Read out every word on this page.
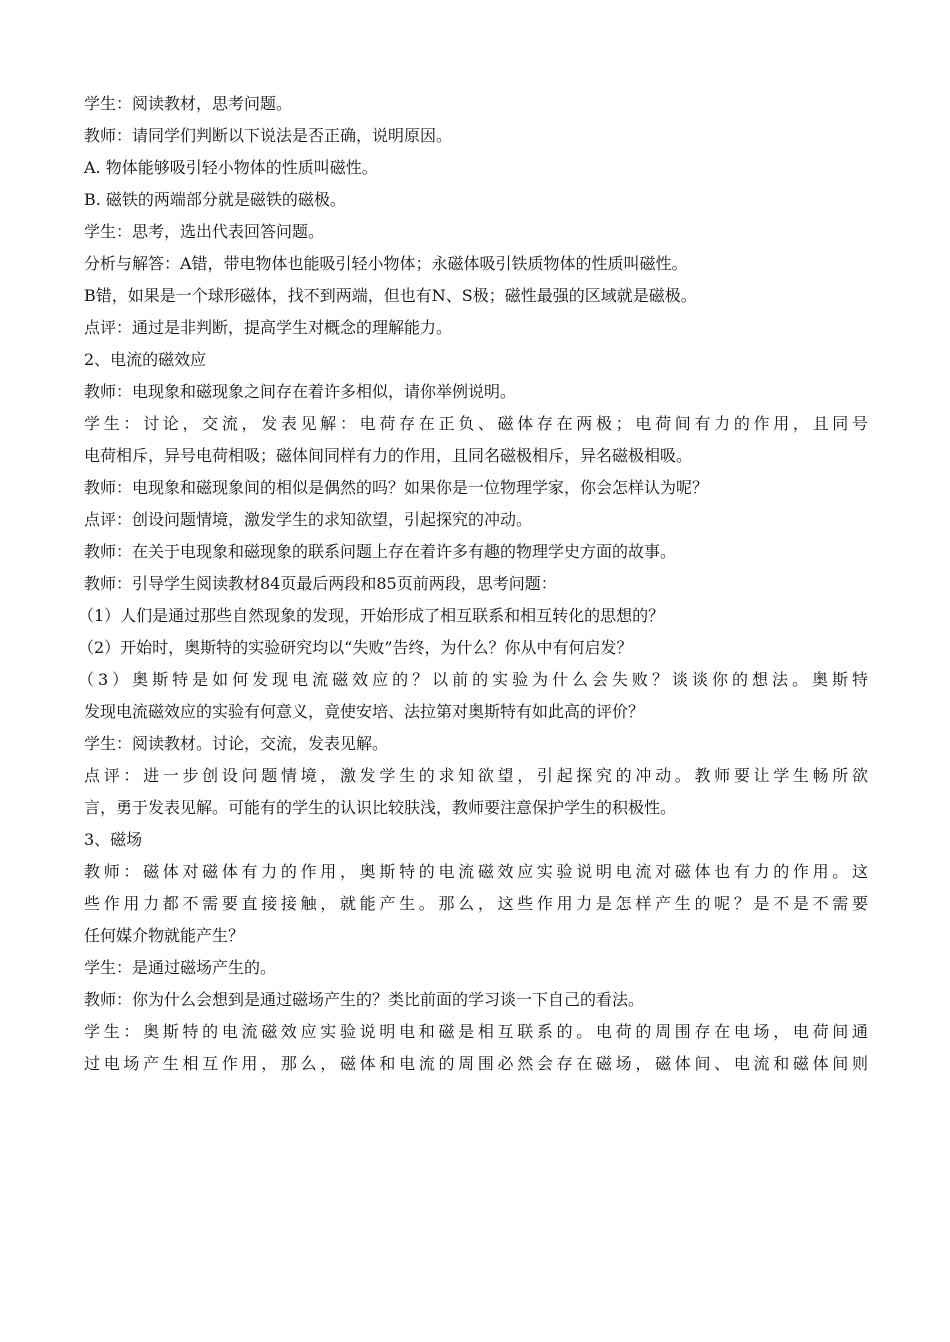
学生：阅读教材，思考问题。
教师：请同学们判断以下说法是否正确，说明原因。
A. 物体能够吸引轻小物体的性质叫磁性。
B. 磁铁的两端部分就是磁铁的磁极。
学生：思考，选出代表回答问题。
分析与解答：A错，带电物体也能吸引轻小物体；永磁体吸引铁质物体的性质叫磁性。
B错，如果是一个球形磁体，找不到两端，但也有N、S极；磁性最强的区域就是磁极。
点评：通过是非判断，提高学生对概念的理解能力。
2、电流的磁效应
教师：电现象和磁现象之间存在着许多相似，请你举例说明。
学生：讨论，交流，发表见解：电荷存在正负、磁体存在两极；电荷间有力的作用，且同号
电荷相斥，异号电荷相吸；磁体间同样有力的作用，且同名磁极相斥，异名磁极相吸。
教师：电现象和磁现象间的相似是偶然的吗？如果你是一位物理学家，你会怎样认为呢？
点评：创设问题情境，激发学生的求知欲望，引起探究的冲动。
教师：在关于电现象和磁现象的联系问题上存在着许多有趣的物理学史方面的故事。
教师：引导学生阅读教材84页最后两段和85页前两段，思考问题：
（1）人们是通过那些自然现象的发现，开始形成了相互联系和相互转化的思想的？
（2）开始时，奥斯特的实验研究均以“失败”告终，为什么？你从中有何启发？
（3）奥斯特是如何发现电流磁效应的？以前的实验为什么会失败？谈谈你的想法。奥斯特
发现电流磁效应的实验有何意义，竟使安培、法拉第对奥斯特有如此高的评价？
学生：阅读教材。讨论，交流，发表见解。
点评：进一步创设问题情境，激发学生的求知欲望，引起探究的冲动。教师要让学生畅所欲
言，勇于发表见解。可能有的学生的认识比较肤浅，教师要注意保护学生的积极性。
3、磁场
教师：磁体对磁体有力的作用，奥斯特的电流磁效应实验说明电流对磁体也有力的作用。这
些作用力都不需要直接接触，就能产生。那么，这些作用力是怎样产生的呢？是不是不需要
任何媒介物就能产生？
学生：是通过磁场产生的。
教师：你为什么会想到是通过磁场产生的？类比前面的学习谈一下自己的看法。
学生：奥斯特的电流磁效应实验说明电和磁是相互联系的。电荷的周围存在电场，电荷间通
过电场产生相互作用，那么，磁体和电流的周围必然会存在磁场，磁体间、电流和磁体间则
